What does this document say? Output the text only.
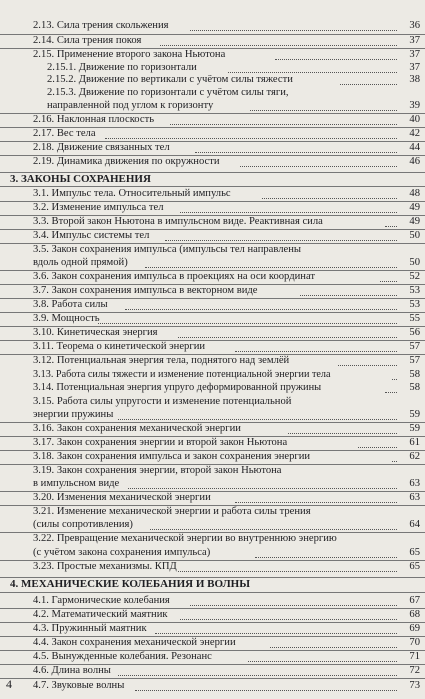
2.13. Сила трения скольжения	36
2.14. Сила трения покоя	37
2.15. Применение второго закона Ньютона	37
2.15.1. Движение по горизонтали	37
2.15.2. Движение по вертикали с учётом силы тяжести	38
2.15.3. Движение по горизонтали с учётом силы тяги,
направленной под углом к горизонту	39
2.16. Наклонная плоскость	40
2.17. Вес тела	42
2.18. Движение связанных тел	44
2.19. Динамика движения по окружности	46
3. ЗАКОНЫ СОХРАНЕНИЯ
3.1. Импульс тела. Относительный импульс	48
3.2. Изменение импульса тел	49
3.3. Второй закон Ньютона в импульсном виде. Реактивная сила	49
3.4. Импульс системы тел	50
3.5. Закон сохранения импульса (импульсы тел направлены
вдоль одной прямой)	50
3.6. Закон сохранения импульса в проекциях на оси координат	52
3.7. Закон сохранения импульса в векторном виде	53
3.8. Работа силы	53
3.9. Мощность	55
3.10. Кинетическая энергия	56
3.11. Теорема о кинетической энергии	57
3.12. Потенциальная энергия тела, поднятого над землёй	57
3.13. Работа силы тяжести и изменение потенциальной энергии тела	58
3.14. Потенциальная энергия упруго деформированной пружины	58
3.15. Работа силы упругости и изменение потенциальной
энергии пружины	59
3.16. Закон сохранения механической энергии	59
3.17. Закон сохранения энергии и второй закон Ньютона	61
3.18. Закон сохранения импульса и закон сохранения энергии	62
3.19. Закон сохранения энергии, второй закон Ньютона
в импульсном виде	63
3.20. Изменения механической энергии	63
3.21. Изменение механической энергии и работа силы трения
(силы сопротивления)	64
3.22. Превращение механической энергии во внутреннюю энергию
(с учётом закона сохранения импульса)	65
3.23. Простые механизмы. КПД	65
4. МЕХАНИЧЕСКИЕ КОЛЕБАНИЯ И ВОЛНЫ
4.1. Гармонические колебания	67
4.2. Математический маятник	68
4.3. Пружинный маятник	69
4.4. Закон сохранения механической энергии	70
4.5. Вынужденные колебания. Резонанс	71
4.6. Длина волны	72
4.7. Звуковые волны	73
4
